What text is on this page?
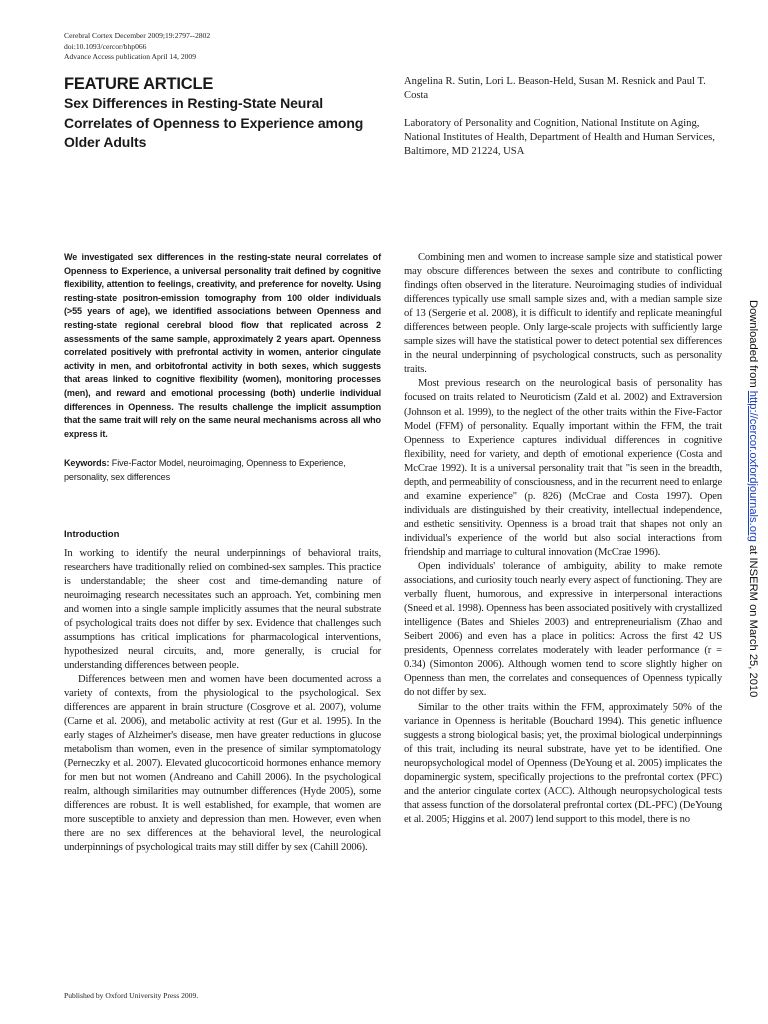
Cerebral Cortex December 2009;19:2797--2802
doi:10.1093/cercor/bhp066
Advance Access publication April 14, 2009
FEATURE ARTICLE
Sex Differences in Resting-State Neural Correlates of Openness to Experience among Older Adults
Angelina R. Sutin, Lori L. Beason-Held, Susan M. Resnick and Paul T. Costa
Laboratory of Personality and Cognition, National Institute on Aging, National Institutes of Health, Department of Health and Human Services, Baltimore, MD 21224, USA
We investigated sex differences in the resting-state neural correlates of Openness to Experience, a universal personality trait defined by cognitive flexibility, attention to feelings, creativity, and preference for novelty. Using resting-state positron-emission tomography from 100 older individuals (>55 years of age), we identified associations between Openness and resting-state regional cerebral blood flow that replicated across 2 assessments of the same sample, approximately 2 years apart. Openness correlated positively with prefrontal activity in women, anterior cingulate activity in men, and orbitofrontal activity in both sexes, which suggests that areas linked to cognitive flexibility (women), monitoring processes (men), and reward and emotional processing (both) underlie individual differences in Openness. The results challenge the implicit assumption that the same trait will rely on the same neural mechanisms across all who express it.
Keywords: Five-Factor Model, neuroimaging, Openness to Experience, personality, sex differences
Introduction

In working to identify the neural underpinnings of behavioral traits, researchers have traditionally relied on combined-sex samples. This practice is understandable; the sheer cost and time-demanding nature of neuroimaging research necessitates such an approach. Yet, combining men and women into a single sample implicitly assumes that the neural substrate of psychological traits does not differ by sex. Evidence that challenges such assumptions has critical implications for pharmacological interventions, hypothesized neural circuits, and, more generally, is crucial for understanding differences between people.

Differences between men and women have been documented across a variety of contexts, from the physiological to the psychological. Sex differences are apparent in brain structure (Cosgrove et al. 2007), volume (Carne et al. 2006), and metabolic activity at rest (Gur et al. 1995). In the early stages of Alzheimer's disease, men have greater reductions in glucose metabolism than women, even in the presence of similar symptomatology (Perneczky et al. 2007). Elevated glucocorticoid hormones enhance memory for men but not women (Andreano and Cahill 2006). In the psychological realm, although similarities may outnumber differences (Hyde 2005), some differences are robust. It is well established, for example, that women are more susceptible to anxiety and depression than men. However, even when there are no sex differences at the behavioral level, the neurological underpinnings of psychological traits may still differ by sex (Cahill 2006).

Combining men and women to increase sample size and statistical power may obscure differences between the sexes and contribute to conflicting findings often observed in the literature. Neuroimaging studies of individual differences typically use small sample sizes and, with a median sample size of 13 (Sergerie et al. 2008), it is difficult to identify and replicate meaningful differences between people. Only large-scale projects with sufficiently large sample sizes will have the statistical power to detect potential sex differences in the neural underpinning of psychological constructs, such as personality traits.

Most previous research on the neurological basis of personality has focused on traits related to Neuroticism (Zald et al. 2002) and Extraversion (Johnson et al. 1999), to the neglect of the other traits within the Five-Factor Model (FFM) of personality. Equally important within the FFM, the trait Openness to Experience captures individual differences in cognitive flexibility, need for variety, and depth of emotional experience (Costa and McCrae 1992). It is a universal personality trait that "is seen in the breadth, depth, and permeability of consciousness, and in the recurrent need to enlarge and examine experience" (p. 826) (McCrae and Costa 1997). Open individuals are distinguished by their creativity, intellectual independence, and esthetic sensitivity. Openness is a broad trait that shapes not only an individual's experience of the world but also social interactions from friendship and marriage to cultural innovation (McCrae 1996).

Open individuals' tolerance of ambiguity, ability to make remote associations, and curiosity touch nearly every aspect of functioning. They are verbally fluent, humorous, and expressive in interpersonal interactions (Sneed et al. 1998). Openness has been associated positively with crystallized intelligence (Bates and Shieles 2003) and entrepreneurialism (Zhao and Seibert 2006) and even has a place in politics: Across the first 42 US presidents, Openness correlates moderately with leader performance (r = 0.34) (Simonton 2006). Although women tend to score slightly higher on Openness than men, the correlates and consequences of Openness typically do not differ by sex.

Similar to the other traits within the FFM, approximately 50% of the variance in Openness is heritable (Bouchard 1994). This genetic influence suggests a strong biological basis; yet, the proximal biological underpinnings of this trait, including its neural substrate, have yet to be identified. One neuropsychological model of Openness (DeYoung et al. 2005) implicates the dopaminergic system, specifically projections to the prefrontal cortex (PFC) and the anterior cingulate cortex (ACC). Although neuropsychological tests that assess function of the dorsolateral prefrontal cortex (DL-PFC) (DeYoung et al. 2005; Higgins et al. 2007) lend support to this model, there is no

Published by Oxford University Press 2009.
Downloaded from http://cercor.oxfordjournals.org at INSERM on March 25, 2010
